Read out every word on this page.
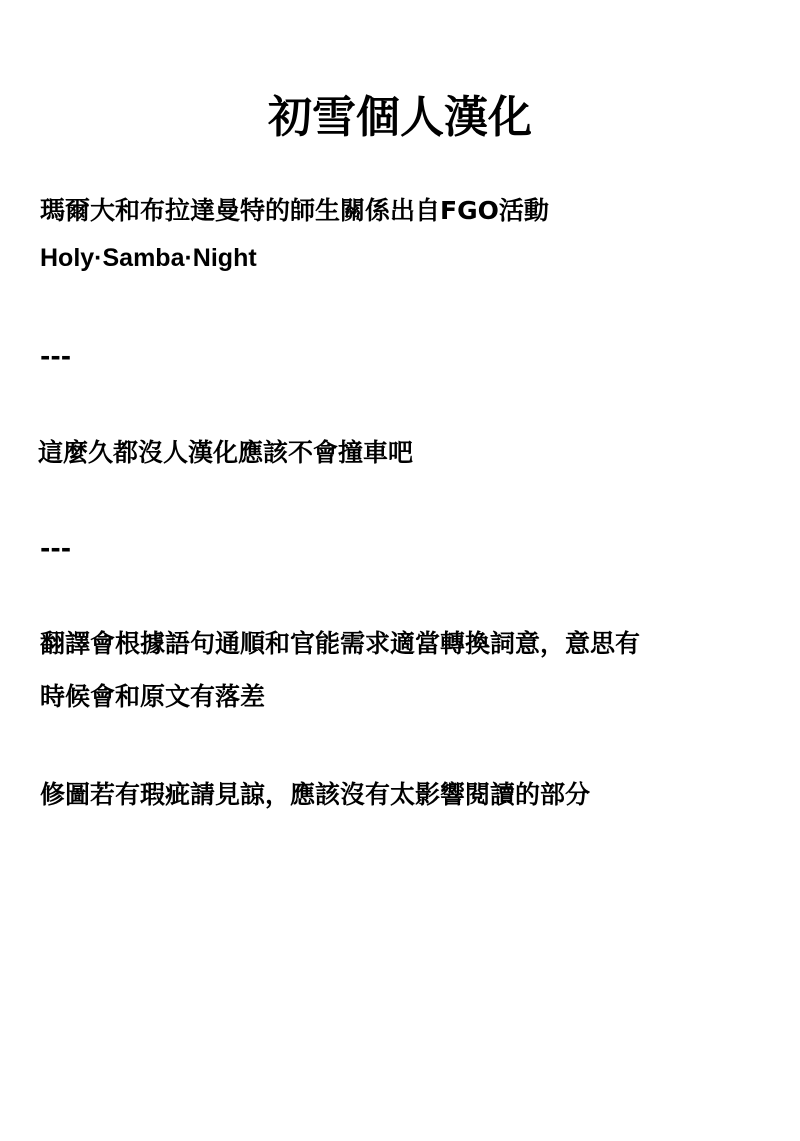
初雪個人漢化
瑪爾大和布拉達曼特的師生關係出自FGO活動
Holy·Samba·Night
---
這麼久都沒人漢化應該不會撞車吧
---
翻譯會根據語句通順和官能需求適當轉換詞意，意思有
時候會和原文有落差
修圖若有瑕疵請見諒，應該沒有太影響閱讀的部分
